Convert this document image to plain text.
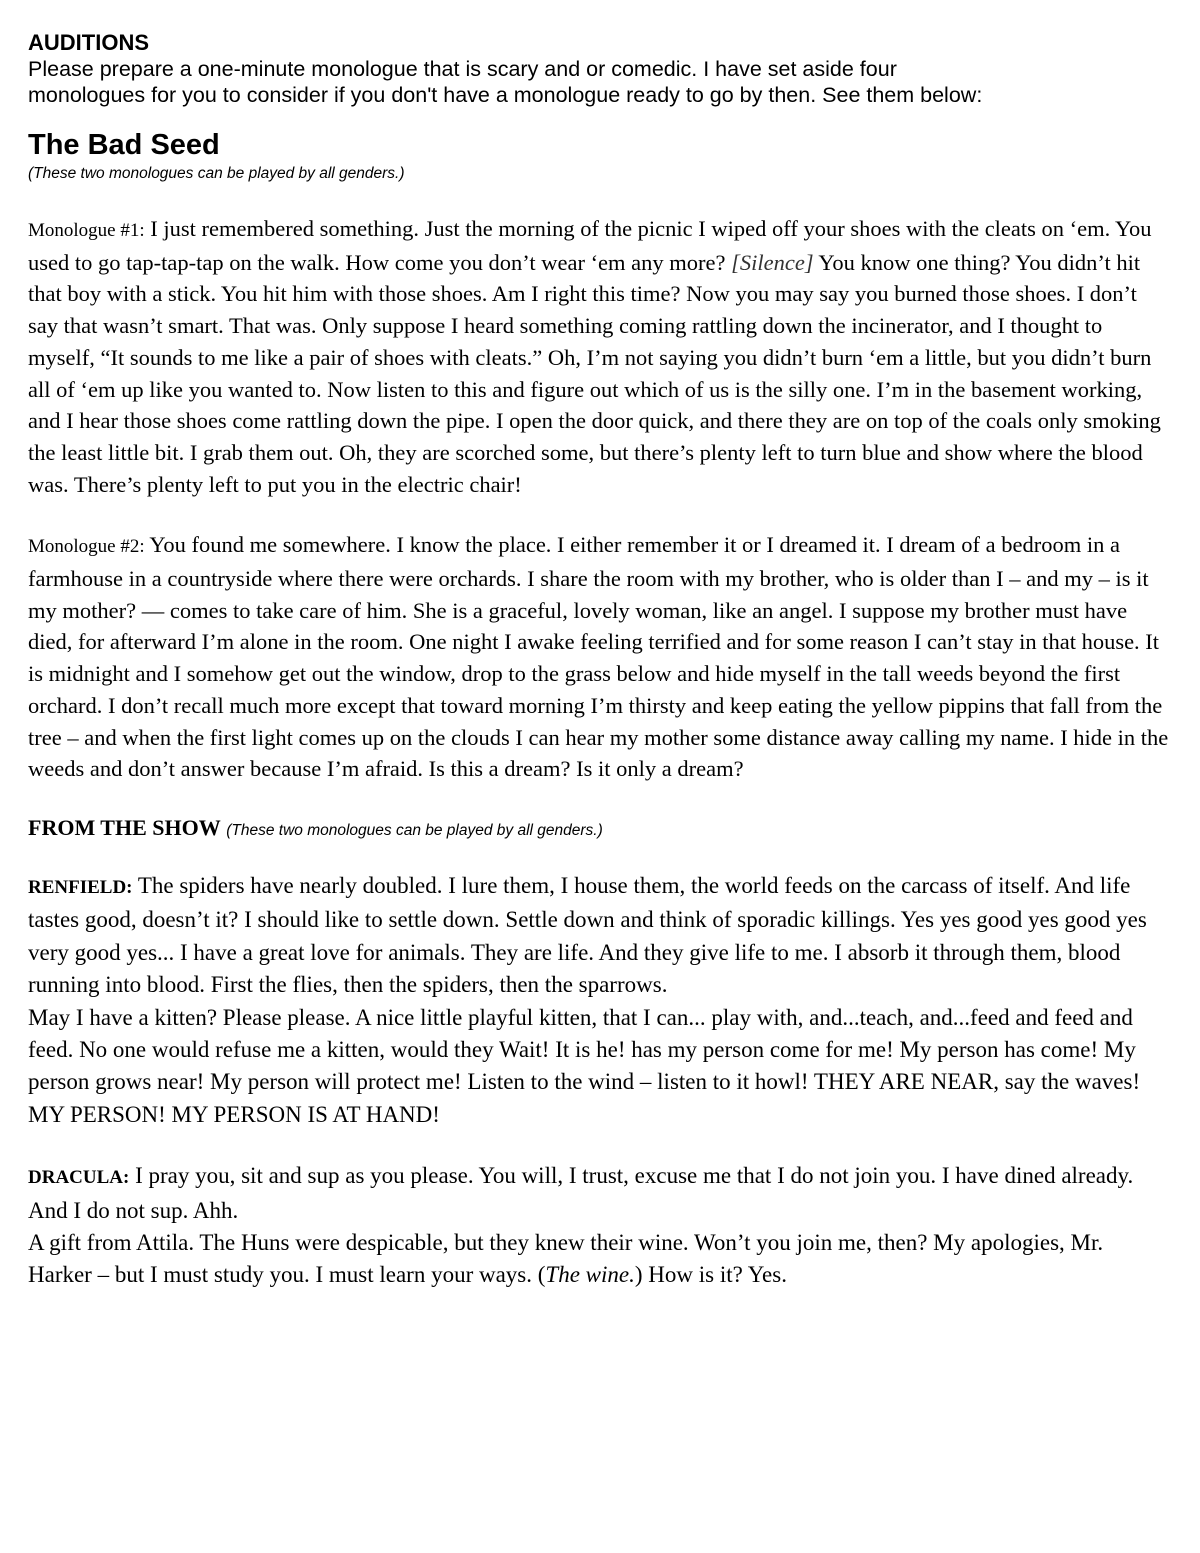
AUDITIONS

Please prepare a one-minute monologue that is scary and or comedic. I have set aside four
monologues for you to consider if you don't have a monologue ready to go by then. See them below:

The Bad Seed

(These two monologues can be played by all genders.)

Monologue #1: I just remembered something. Just the morning of the picnic I wiped off your shoes with the cleats on ‘em. You used to go tap-tap-tap on the walk. How come you don’t wear ‘em any more? [Silence] You know one thing? You didn’t hit that boy with a stick. You hit him with those shoes. Am I right this time? Now you may say you burned those shoes. I don’t say that wasn’t smart. That was. Only suppose I heard something coming rattling down the incinerator, and I thought to myself, “It sounds to me like a pair of shoes with cleats.” Oh, I’m not saying you didn’t burn ‘em a little, but you didn’t burn all of ‘em up like you wanted to. Now listen to this and figure out which of us is the silly one. I’m in the basement working, and I hear those shoes come rattling down the pipe. I open the door quick, and there they are on top of the coals only smoking the least little bit. I grab them out. Oh, they are scorched some, but there’s plenty left to turn blue and show where the blood was. There’s plenty left to put you in the electric chair!

Monologue #2: You found me somewhere. I know the place. I either remember it or I dreamed it. I dream of a bedroom in a farmhouse in a countryside where there were orchards. I share the room with my brother, who is older than I – and my – is it my mother? — comes to take care of him. She is a graceful, lovely woman, like an angel. I suppose my brother must have died, for afterward I’m alone in the room. One night I awake feeling terrified and for some reason I can’t stay in that house. It is midnight and I somehow get out the window, drop to the grass below and hide myself in the tall weeds beyond the first orchard. I don’t recall much more except that toward morning I’m thirsty and keep eating the yellow pippins that fall from the tree – and when the first light comes up on the clouds I can hear my mother some distance away calling my name. I hide in the weeds and don’t answer because I’m afraid. Is this a dream? Is it only a dream?

FROM THE SHOW (These two monologues can be played by all genders.)

RENFIELD: The spiders have nearly doubled. I lure them, I house them, the world feeds on the carcass of itself. And life tastes good, doesn’t it? I should like to settle down. Settle down and think of sporadic killings. Yes yes good yes good yes very good yes... I have a great love for animals. They are life. And they give life to me. I absorb it through them, blood running into blood. First the flies, then the spiders, then the sparrows.
May I have a kitten? Please please. A nice little playful kitten, that I can... play with, and...teach, and...feed and feed and feed. No one would refuse me a kitten, would they Wait! It is he! has my person come for me! My person has come! My person grows near! My person will protect me! Listen to the wind – listen to it howl! THEY ARE NEAR, say the waves! MY PERSON! MY PERSON IS AT HAND!

DRACULA: I pray you, sit and sup as you please. You will, I trust, excuse me that I do not join you. I have dined already. And I do not sup. Ahh.
A gift from Attila. The Huns were despicable, but they knew their wine. Won’t you join me, then? My apologies, Mr. Harker – but I must study you. I must learn your ways. (The wine.) How is it? Yes.
